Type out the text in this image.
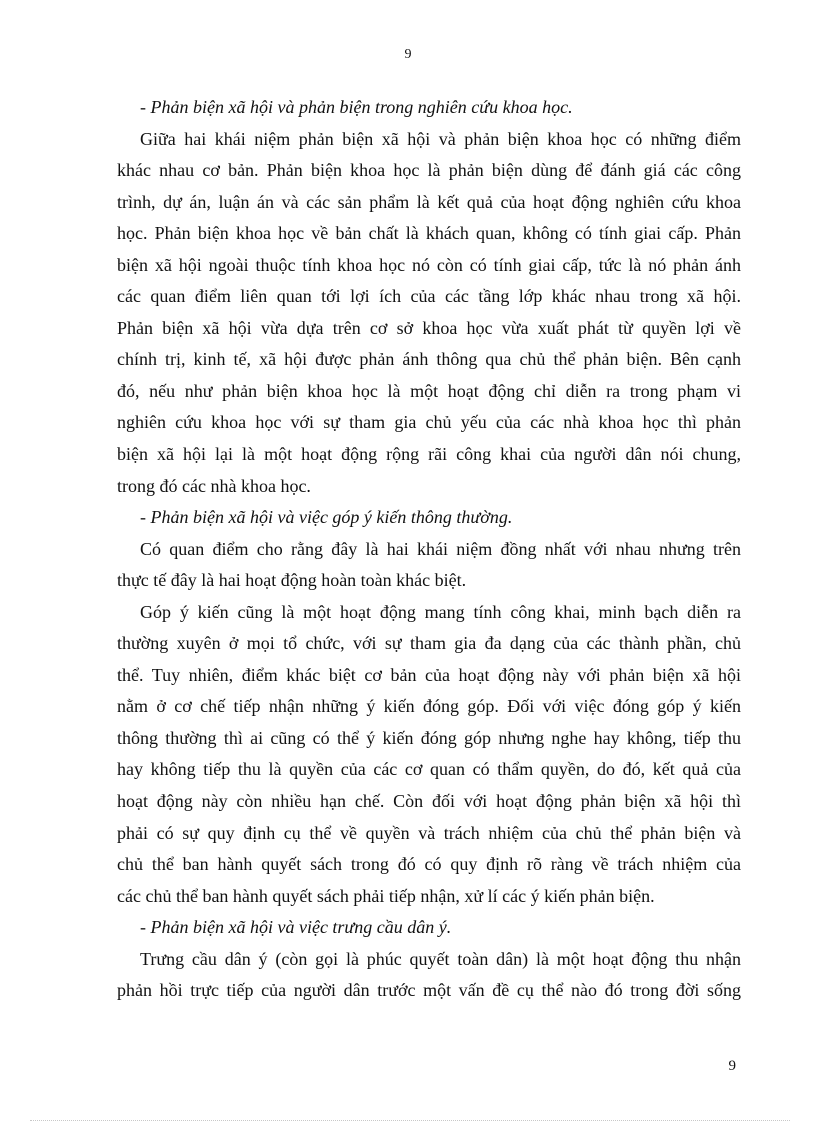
9
- Phản biện xã hội và phản biện trong nghiên cứu khoa học.
Giữa hai khái niệm phản biện xã hội và phản biện khoa học có những điểm
khác nhau cơ bản. Phản biện khoa học là phản biện dùng để đánh giá các công
trình, dự án, luận án và các sản phẩm là kết quả của hoạt động nghiên cứu khoa
học. Phản biện khoa học về bản chất là khách quan, không có tính giai cấp. Phản
biện xã hội ngoài thuộc tính khoa học nó còn có tính giai cấp, tức là nó phản ánh
các quan điểm liên quan tới lợi ích của các tầng lớp khác nhau trong xã hội.
Phản biện xã hội vừa dựa trên cơ sở khoa học vừa xuất phát từ quyền lợi về
chính trị, kinh tế, xã hội được phản ánh thông qua chủ thể phản biện. Bên cạnh
đó, nếu như phản biện khoa học là một hoạt động chỉ diễn ra trong phạm vi
nghiên cứu khoa học với sự tham gia chủ yếu của các nhà khoa học thì phản
biện xã hội lại là một hoạt động rộng rãi công khai của người dân nói chung,
trong đó các nhà khoa học.
- Phản biện xã hội và việc góp ý kiến thông thường.
Có quan điểm cho rằng đây là hai khái niệm đồng nhất với nhau nhưng trên
thực tế đây là hai hoạt động hoàn toàn khác biệt.
Góp ý kiến cũng là một hoạt động mang tính công khai, minh bạch diễn ra
thường xuyên ở mọi tổ chức, với sự tham gia đa dạng của các thành phần, chủ
thể. Tuy nhiên, điểm khác biệt cơ bản của hoạt động này với phản biện xã hội
nằm ở cơ chế tiếp nhận những ý kiến đóng góp. Đối với việc đóng góp ý kiến
thông thường thì ai cũng có thể ý kiến đóng góp nhưng nghe hay không, tiếp thu
hay không tiếp thu là quyền của các cơ quan có thẩm quyền, do đó, kết quả của
hoạt động này còn nhiều hạn chế. Còn đối với hoạt động phản biện xã hội thì
phải có sự quy định cụ thể về quyền và trách nhiệm của chủ thể phản biện và
chủ thể ban hành quyết sách trong đó có quy định rõ ràng về trách nhiệm của
các chủ thể ban hành quyết sách phải tiếp nhận, xử lí các ý kiến phản biện.
- Phản biện xã hội và việc trưng cầu dân ý.
Trưng cầu dân ý (còn gọi là phúc quyết toàn dân) là một hoạt động thu nhận
phản hồi trực tiếp của người dân trước một vấn đề cụ thể nào đó trong đời sống
9
